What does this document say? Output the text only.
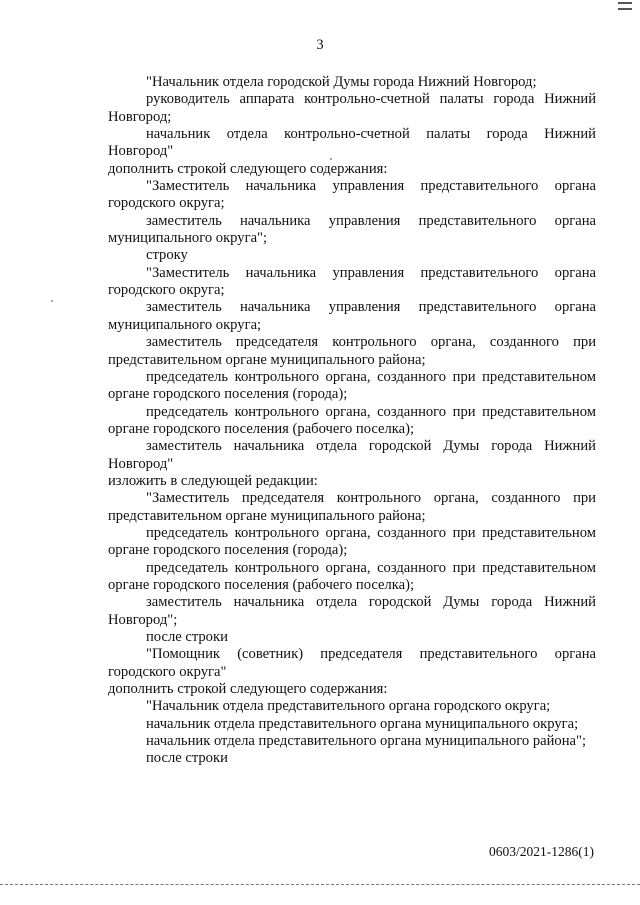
3

"Начальник отдела городской Думы города Нижний Новгород;

руководитель аппарата контрольно-счетной палаты города Нижний Новгород;

начальник отдела контрольно-счетной палаты города Нижний Новгород"

дополнить строкой следующего содержания:

"Заместитель начальника управления представительного органа городского округа;

заместитель начальника управления представительного органа муниципального округа";

строку

"Заместитель начальника управления представительного органа городского округа;

заместитель начальника управления представительного органа муниципального округа;

заместитель председателя контрольного органа, созданного при представительном органе муниципального района;

председатель контрольного органа, созданного при представительном органе городского поселения (города);

председатель контрольного органа, созданного при представительном органе городского поселения (рабочего поселка);

заместитель начальника отдела городской Думы города Нижний Новгород"

изложить в следующей редакции:

"Заместитель председателя контрольного органа, созданного при представительном органе муниципального района;

председатель контрольного органа, созданного при представительном органе городского поселения (города);

председатель контрольного органа, созданного при представительном органе городского поселения (рабочего поселка);

заместитель начальника отдела городской Думы города Нижний Новгород";

после строки

"Помощник (советник) председателя представительного органа городского округа"

дополнить строкой следующего содержания:

"Начальник отдела представительного органа городского округа;

начальник отдела представительного органа муниципального округа;

начальник отдела представительного органа муниципального района";

после строки

0603/2021-1286(1)
